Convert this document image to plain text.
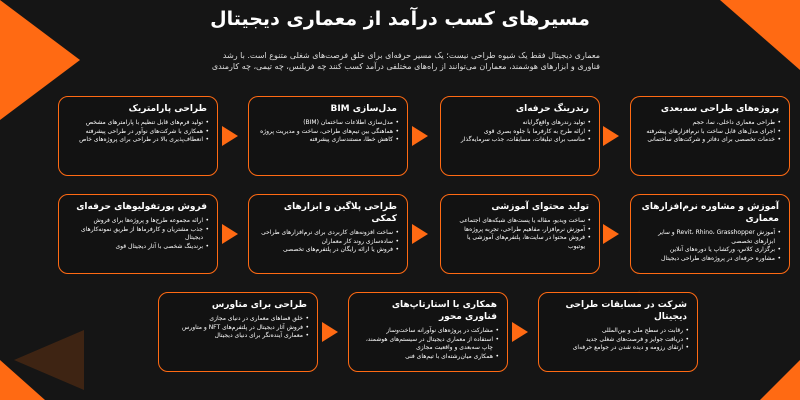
مسیرهای کسب درآمد از معماری دیجیتال

معماری دیجیتال فقط یک شیوه طراحی نیست؛ یک مسیر حرفه‌ای برای خلق فرصت‌های شغلی متنوع است. با رشد فناوری و ابزارهای هوشمند، معماران می‌توانند از راه‌های مختلفی درآمد کسب کنند چه فریلنس، چه تیمی، چه کارمندی

پروژه‌های طراحی سه‌بعدی
• طراحی معماری داخلی، نما، حجم
• اجرای مدل‌های قابل ساخت با نرم‌افزارهای پیشرفته
• خدمات تخصصی برای دفاتر و شرکت‌های ساختمانی
رندرینگ حرفه‌ای
• تولید رندرهای واقع‌گرایانه
• ارائه طرح به کارفرما با جلوه بصری قوی
• مناسب برای تبلیغات، مسابقات، جذب سرمایه‌گذار
مدل‌سازی BIM
• مدل‌سازی اطلاعات ساختمان (BIM)
• هماهنگی بین تیم‌های طراحی، ساخت و مدیریت پروژه
• کاهش خطا، مستندسازی پیشرفته
طراحی پارامتریک
• تولید فرم‌های قابل تنظیم با پارامترهای مشخص
• همکاری با شرکت‌های نوآور در طراحی پیشرفته
• انعطاف‌پذیری بالا در طراحی برای پروژه‌های خاص
آموزش و مشاوره نرم‌افزارهای معماری
• آموزش Revit، Rhino، Grasshopper و سایر ابزارهای تخصصی
• برگزاری کلاس، ورکشاپ یا دوره‌های آنلاین
• مشاوره حرفه‌ای در پروژه‌های طراحی دیجیتال
تولید محتوای آموزشی
• ساخت ویدیو، مقاله یا پست‌های شبکه‌های اجتماعی
• آموزش نرم‌افزار، مفاهیم طراحی، تجربه پروژه‌ها
• فروش محتوا در سایت‌ها، پلتفرم‌های آموزشی یا یوتیوب
طراحی پلاگین و ابزارهای کمکی
• ساخت افزونه‌های کاربردی برای نرم‌افزارهای طراحی
• ساده‌سازی روند کار معماران
• فروش یا ارائه رایگان در پلتفرم‌های تخصصی
فروش پورتفولیوهای حرفه‌ای
• ارائه مجموعه طرح‌ها و پروژه‌ها برای فروش
• جذب مشتریان و کارفرماها از طریق نمونه‌کارهای دیجیتال
• برندینگ شخصی با آثار دیجیتال قوی
شرکت در مسابقات طراحی دیجیتال
• رقابت در سطح ملی و بین‌المللی
• دریافت جوایز و فرصت‌های شغلی جدید
• ارتقای رزومه و دیده شدن در جوامع حرفه‌ای
همکاری با استارتاپ‌های فناوری محور
• مشارکت در پروژه‌های نوآورانه ساخت‌وساز
• استفاده از معماری دیجیتال در سیستم‌های هوشمند، چاپ سه‌بعدی و واقعیت مجازی
• همکاری میان‌رشته‌ای با تیم‌های فنی
طراحی برای متاورس
• خلق فضاهای معماری در دنیای مجازی
• فروش آثار دیجیتال در پلتفرم‌های NFT و متاورس
• معماری آینده‌نگر برای دنیای دیجیتال
